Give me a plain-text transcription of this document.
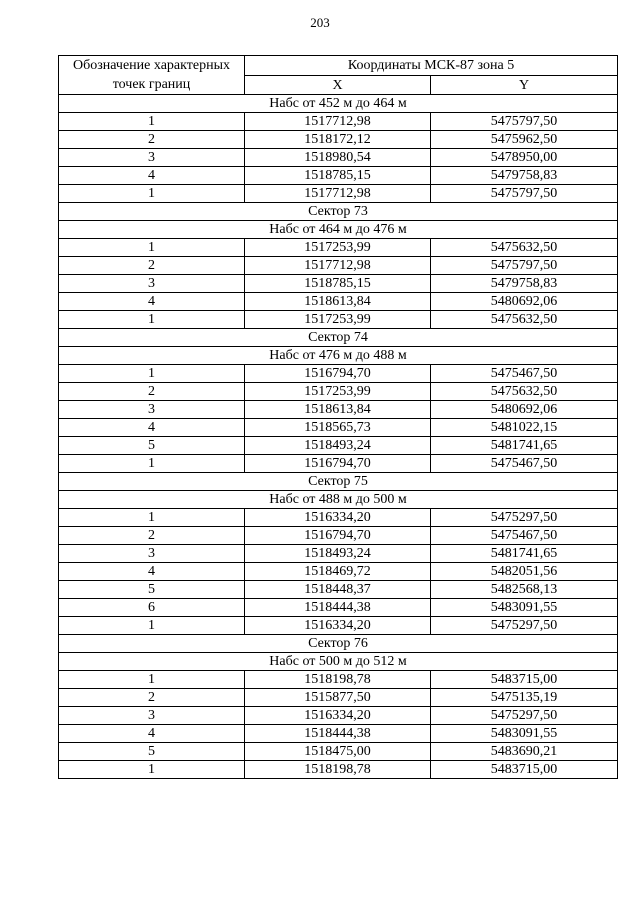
203
Обозначение характерных точек границ	Координаты МСК-87 зона 5	
	X	Y
Набс от 452 м до 464 м		
1	1517712,98	5475797,50
2	1518172,12	5475962,50
3	1518980,54	5478950,00
4	1518785,15	5479758,83
1	1517712,98	5475797,50
Сектор 73		
Набс от 464 м до 476 м		
1	1517253,99	5475632,50
2	1517712,98	5475797,50
3	1518785,15	5479758,83
4	1518613,84	5480692,06
1	1517253,99	5475632,50
Сектор 74		
Набс от 476 м до 488 м		
1	1516794,70	5475467,50
2	1517253,99	5475632,50
3	1518613,84	5480692,06
4	1518565,73	5481022,15
5	1518493,24	5481741,65
1	1516794,70	5475467,50
Сектор 75		
Набс от 488 м до 500 м		
1	1516334,20	5475297,50
2	1516794,70	5475467,50
3	1518493,24	5481741,65
4	1518469,72	5482051,56
5	1518448,37	5482568,13
6	1518444,38	5483091,55
1	1516334,20	5475297,50
Сектор 76		
Набс от 500 м до 512 м		
1	1518198,78	5483715,00
2	1515877,50	5475135,19
3	1516334,20	5475297,50
4	1518444,38	5483091,55
5	1518475,00	5483690,21
1	1518198,78	5483715,00
